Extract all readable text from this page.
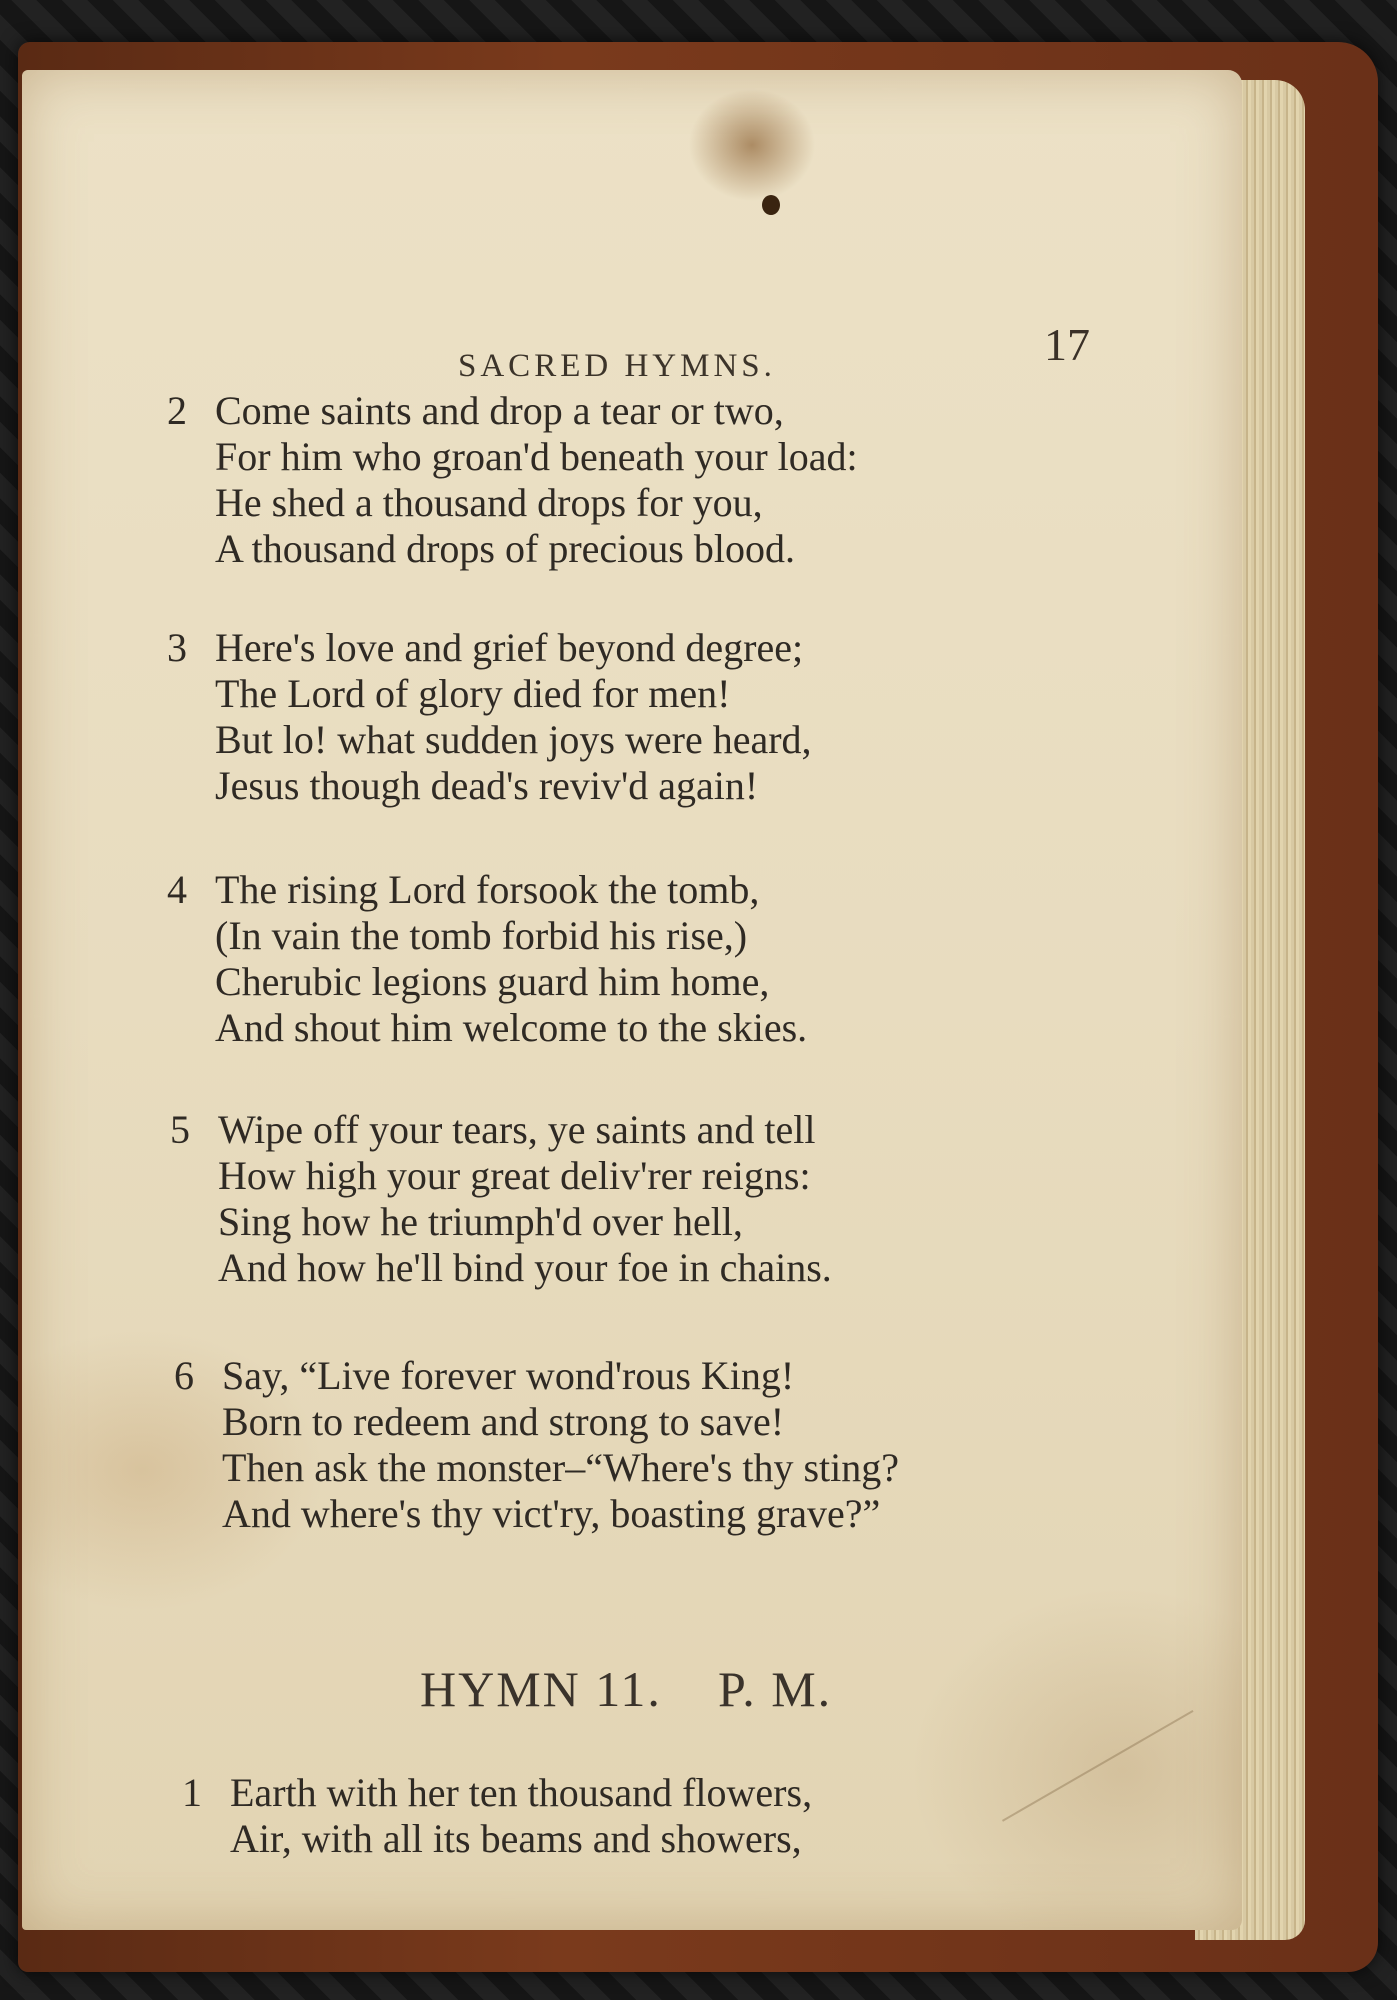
SACRED HYMNS.	17
2 Come saints and drop a tear or two,
For him who groan'd beneath your load:
He shed a thousand drops for you,
A thousand drops of precious blood.
3 Here's love and grief beyond degree;
The Lord of glory died for men!
But lo! what sudden joys were heard,
Jesus though dead's reviv'd again!
4 The rising Lord forsook the tomb,
(In vain the tomb forbid his rise,)
Cherubic legions guard him home,
And shout him welcome to the skies.
5 Wipe off your tears, ye saints and tell
How high your great deliv'rer reigns:
Sing how he triumph'd over hell,
And how he'll bind your foe in chains.
6 Say, “Live forever wond'rous King!
Born to redeem and strong to save!
Then ask the monster–“Where's thy sting?
And where's thy vict'ry, boasting grave?”
HYMN 11. P. M.
1 Earth with her ten thousand flowers,
Air, with all its beams and showers,
